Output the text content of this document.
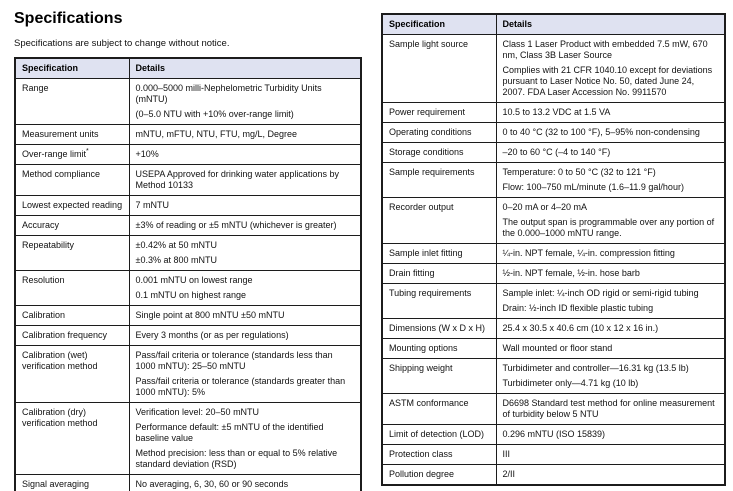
Specifications
Specifications are subject to change without notice.
Specification	Details
Range	0.000–5000 milli-Nephelometric Turbidity Units (mNTU)
(0–5.0 NTU with +10% over-range limit)

Measurement units	mNTU, mFTU, NTU, FTU, mg/L, Degree

Over-range limit*	+10%

Method compliance	USEPA Approved for drinking water applications by Method 10133

Lowest expected reading	7 mNTU

Accuracy	±3% of reading or ±5 mNTU (whichever is greater)

Repeatability	±0.42% at 50 mNTU
±0.3% at 800 mNTU

Resolution	0.001 mNTU on lowest range
0.1 mNTU on highest range

Calibration	Single point at 800 mNTU ±50 mNTU

Calibration frequency	Every 3 months (or as per regulations)

Calibration (wet) verification method	Pass/fail criteria or tolerance (standards less than 1000 mNTU): 25–50 mNTU
Pass/fail criteria or tolerance (standards greater than 1000 mNTU): 5%

Calibration (dry) verification method	Verification level: 20–50 mNTU
Performance default: ±5 mNTU of the identified baseline value
Method precision: less than or equal to 5% relative standard deviation (RSD)

Signal averaging	No averaging, 6, 30, 60 or 90 seconds
Specification	Details
Sample light source	Class 1 Laser Product with embedded 7.5 mW, 670 nm, Class 3B Laser Source
Complies with 21 CFR 1040.10 except for deviations pursuant to Laser Notice No. 50, dated June 24, 2007. FDA Laser Accession No. 9911570

Power requirement	10.5 to 13.2 VDC at 1.5 VA

Operating conditions	0 to 40 °C (32 to 100 °F), 5–95% non-condensing

Storage conditions	–20 to 60 °C (–4 to 140 °F)

Sample requirements	Temperature: 0 to 50 °C (32 to 121 °F)
Flow: 100–750 mL/minute (1.6–11.9 gal/hour)

Recorder output	0–20 mA or 4–20 mA
The output span is programmable over any portion of the 0.000–1000 mNTU range.

Sample inlet fitting	¼-in. NPT female, ¼-in. compression fitting

Drain fitting	½-in. NPT female, ½-in. hose barb

Tubing requirements	Sample inlet: ¼-inch OD rigid or semi-rigid tubing
Drain: ½-inch ID flexible plastic tubing

Dimensions (W x D x H)	25.4 x 30.5 x 40.6 cm (10 x 12 x 16 in.)

Mounting options	Wall mounted or floor stand

Shipping weight	Turbidimeter and controller—16.31 kg (13.5 lb)
Turbidimeter only—4.71 kg (10 lb)

ASTM conformance	D6698 Standard test method for online measurement of turbidity below 5 NTU

Limit of detection (LOD)	0.296 mNTU (ISO 15839)

Protection class	III

Pollution degree	2/II
